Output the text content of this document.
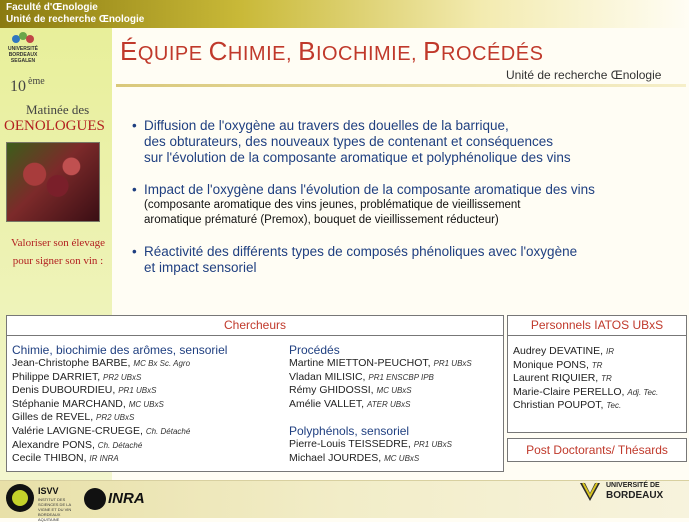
Faculté d'Œnologie
Unité de recherche Œnologie
UNIVERSITÉ
BORDEAUX
SEGALEN
10 ème
Matinée des
OENOLOGUES
Valoriser son élevage
pour signer son vin :
ÉQUIPE CHIMIE, BIOCHIMIE, PROCÉDÉS
Unité de recherche Œnologie
• Diffusion de l'oxygène au travers des douelles de la barrique,
des obturateurs, des nouveaux types de contenant et conséquences
sur l'évolution de la composante aromatique et polyphénolique des vins
• Impact de l'oxygène dans l'évolution de la composante aromatique des vins
(composante aromatique des vins jeunes, problématique de vieillissement
aromatique prématuré (Premox), bouquet de vieillissement réducteur)
• Réactivité des différents types de composés phénoliques avec l'oxygène
et impact sensoriel
Chercheurs
Chimie, biochimie des arômes, sensoriel
Jean-Christophe BARBE, MC Bx Sc. Agro
Philippe DARRIET, PR2 UBxS
Denis DUBOURDIEU, PR1 UBxS
Stéphanie MARCHAND, MC UBxS
Gilles de REVEL, PR2 UBxS
Valérie LAVIGNE-CRUEGE, Ch. Détaché
Alexandre PONS, Ch. Détaché
Cecile THIBON, IR INRA
Procédés
Martine MIETTON-PEUCHOT, PR1 UBxS
Vladan MILISIC, PR1 ENSCBP IPB
Rémy GHIDOSSI, MC UBxS
Amélie VALLET, ATER UBxS
Polyphénols, sensoriel
Pierre-Louis TEISSEDRE, PR1 UBxS
Michael JOURDES, MC UBxS
Personnels IATOS UBxS
Audrey DEVATINE, IR
Monique PONS, TR
Laurent RIQUIER, TR
Marie-Claire PERELLO, Adj. Tec.
Christian POUPOT, Tec.
Post Doctorants/ Thésards
ISVV
INSTITUT DES SCIENCES DE LA VIGNE ET DU VIN BORDEAUX AQUITAINE
INRA
UNIVERSITÉ DE
BORDEAUX
